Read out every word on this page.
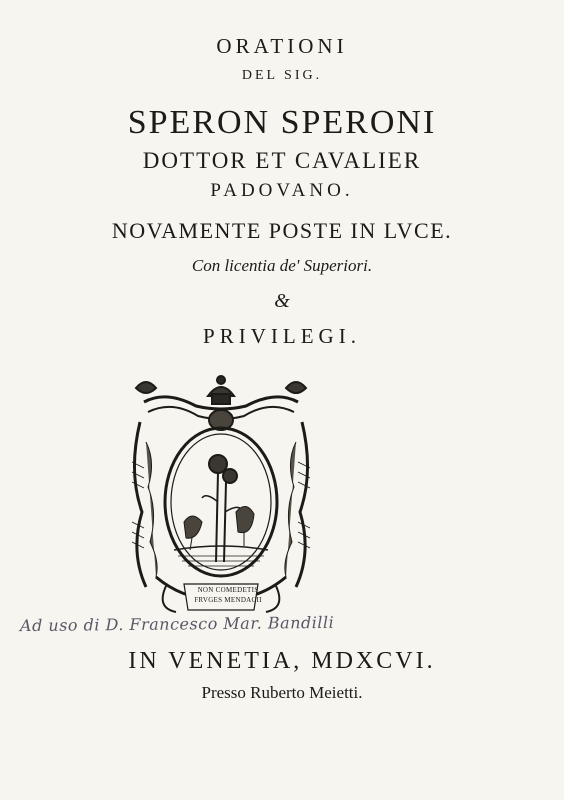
ORATIONI
DEL SIG.
SPERON SPERONI
DOTTOR ET CAVALIER
PADOVANO.
NOVAMENTE POSTE IN LVCE.
Con licentia de' Superiori.
&
PRIVILEGI.
NON COMEDETIS FRVGES MENDACII
Ad uso di D. Francesco Mar. Bandilli
IN VENETIA, MDXCVI.
Presso Ruberto Meietti.
